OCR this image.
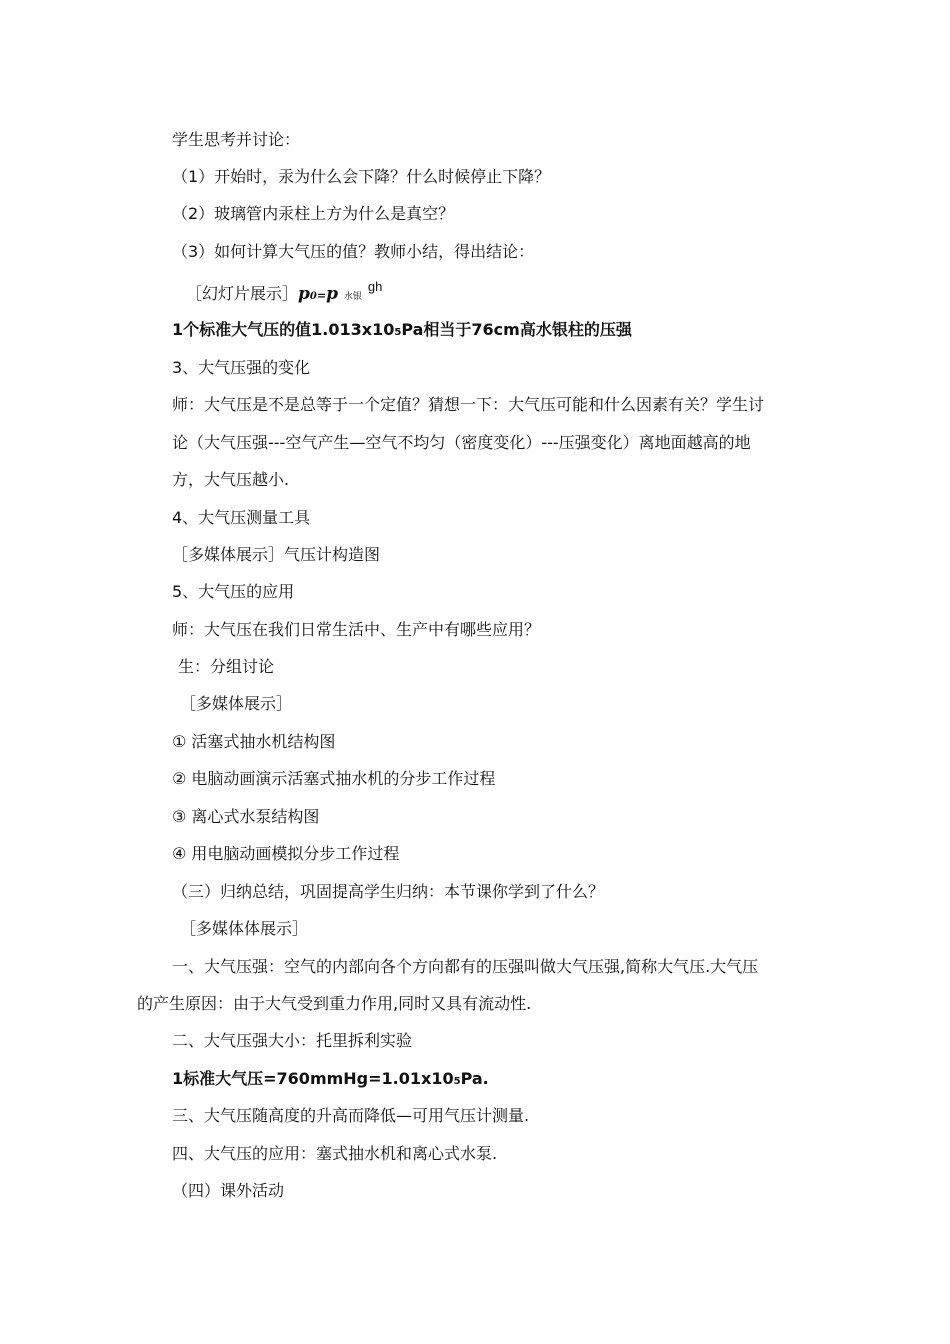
学生思考并讨论：
（1）开始时，汞为什么会下降？什么时候停止下降？
（2）玻璃管内汞柱上方为什么是真空？
（3）如何计算大气压的值？教师小结，得出结论：
［幻灯片展示］p0=p 水银 $^{gh}$
1个标准大气压的值1.013x105Pa相当于76cm高水银柱的压强
3、大气压强的变化
师：大气压是不是总等于一个定值？猜想一下：大气压可能和什么因素有关？学生讨
论（大气压强---空气产生—空气不均匀（密度变化）---压强变化）离地面越高的地
方，大气压越小.
4、大气压测量工具
［多媒体展示］气压计构造图
5、大气压的应用
师：大气压在我们日常生活中、生产中有哪些应用？
生：分组讨论
［多媒体展示］
① 活塞式抽水机结构图
② 电脑动画演示活塞式抽水机的分步工作过程
③ 离心式水泵结构图
④ 用电脑动画模拟分步工作过程
（三）归纳总结，巩固提高学生归纳：本节课你学到了什么？
［多媒体体展示］
一、大气压强：空气的内部向各个方向都有的压强叫做大气压强,简称大气压.大气压
的产生原因：由于大气受到重力作用,同时又具有流动性.
二、大气压强大小：托里拆利实验
1标准大气压=760mmHg=1.01x105Pa.
三、大气压随高度的升高而降低—可用气压计测量.
四、大气压的应用：塞式抽水机和离心式水泵.
（四）课外活动
